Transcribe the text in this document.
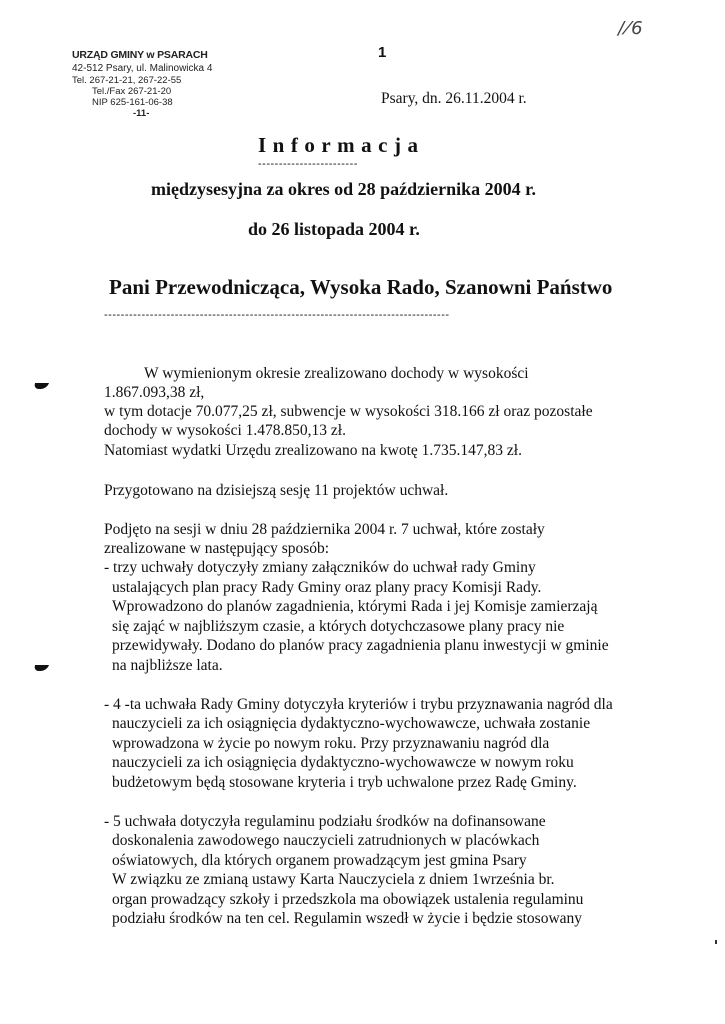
/⁄6
URZĄD GMINY w PSARACH
42-512 Psary, ul. Malinowicka 4
Tel. 267-21-21, 267-22-55
Tel./Fax 267-21-20
NIP 625-161-06-38
-11-
1
Psary, dn. 26.11.2004 r.
Informacja
------------------------
międzysesyjna za okres od 28 października 2004 r.
do 26 listopada 2004 r.
Pani Przewodnicząca, Wysoka Rado, Szanowni Państwo
-----------------------------------------------------------------------------------
W wymienionym okresie zrealizowano dochody w wysokości
1.867.093,38 zł,
w tym dotacje 70.077,25 zł, subwencje w wysokości 318.166 zł oraz pozostałe
dochody w wysokości 1.478.850,13 zł.
Natomiast wydatki Urzędu zrealizowano na kwotę 1.735.147,83 zł.
Przygotowano na dzisiejszą sesję 11 projektów uchwał.
Podjęto na sesji w dniu 28 października 2004 r. 7 uchwał, które zostały
zrealizowane w następujący sposób:
- trzy uchwały dotyczyły zmiany załączników do uchwał rady Gminy
ustalających plan pracy Rady Gminy oraz plany pracy Komisji Rady.
Wprowadzono do planów zagadnienia, którymi Rada i jej Komisje zamierzają
się zająć w najbliższym czasie, a których dotychczasowe plany pracy nie
przewidywały. Dodano do planów pracy zagadnienia planu inwestycji w gminie
na najbliższe lata.
- 4 -ta uchwała Rady Gminy dotyczyła kryteriów i trybu przyznawania nagród dla
nauczycieli za ich osiągnięcia dydaktyczno-wychowawcze, uchwała zostanie
wprowadzona w życie po nowym roku. Przy przyznawaniu nagród dla
nauczycieli za ich osiągnięcia dydaktyczno-wychowawcze w nowym roku
budżetowym będą stosowane kryteria i tryb uchwalone przez Radę Gminy.
- 5 uchwała dotyczyła regulaminu podziału środków na dofinansowane
doskonalenia zawodowego nauczycieli zatrudnionych w placówkach
oświatowych, dla których organem prowadzącym jest gmina Psary
W związku ze zmianą ustawy Karta Nauczyciela z dniem 1września br.
organ prowadzący szkoły i przedszkola ma obowiązek ustalenia regulaminu
podziału środków na ten cel. Regulamin wszedł w życie i będzie stosowany
